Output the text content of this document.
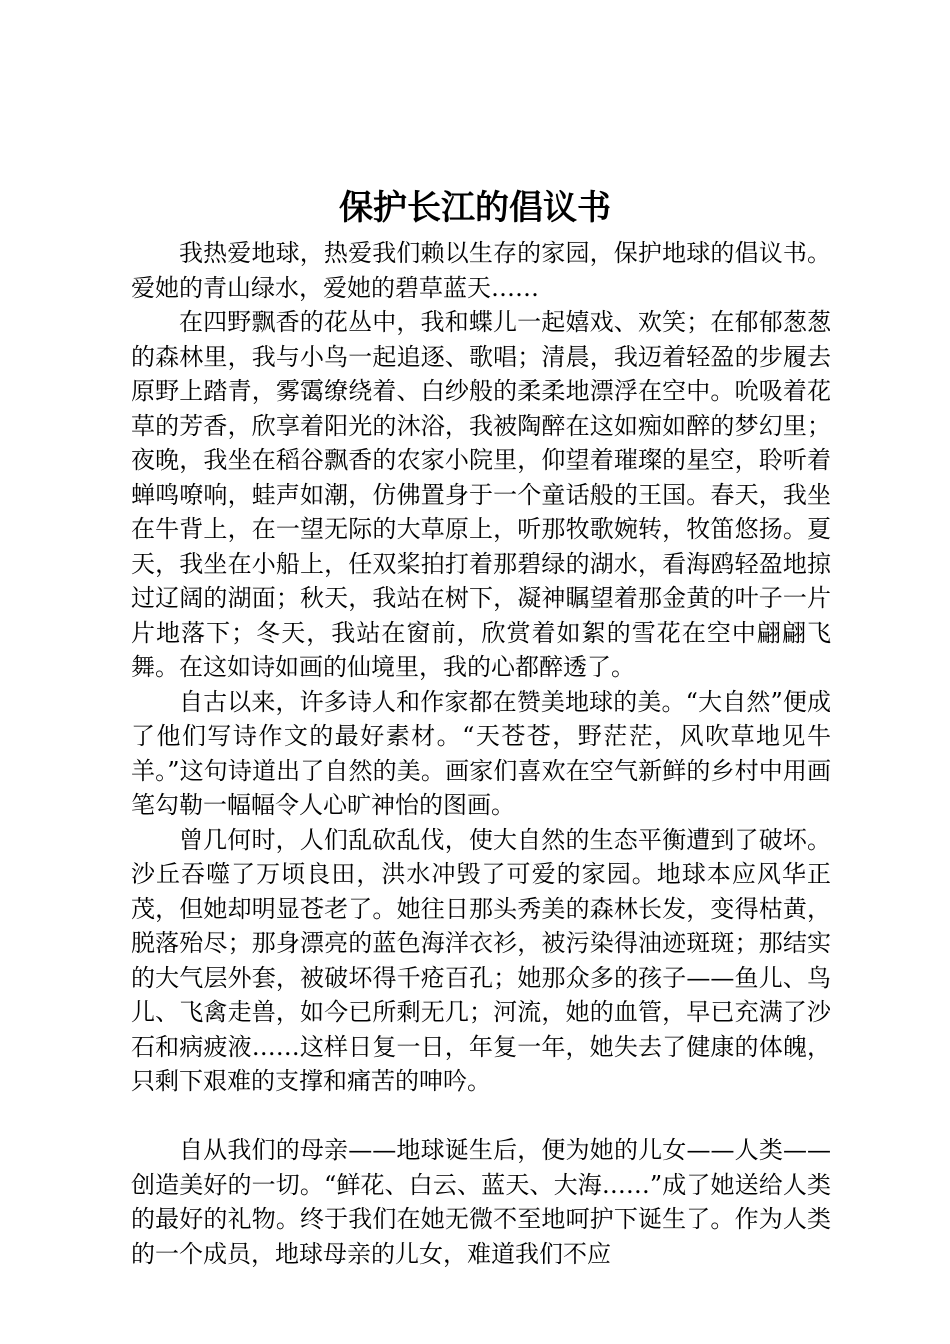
保护长江的倡议书

我热爱地球，热爱我们赖以生存的家园，保护地球的倡议书。爱她的青山绿水，爱她的碧草蓝天……

在四野飘香的花丛中，我和蝶儿一起嬉戏、欢笑；在郁郁葱葱的森林里，我与小鸟一起追逐、歌唱；清晨，我迈着轻盈的步履去原野上踏青，雾霭缭绕着、白纱般的柔柔地漂浮在空中。吮吸着花草的芳香，欣享着阳光的沐浴，我被陶醉在这如痴如醉的梦幻里；夜晚，我坐在稻谷飘香的农家小院里，仰望着璀璨的星空，聆听着蝉鸣嘹响，蛙声如潮，仿佛置身于一个童话般的王国。春天，我坐在牛背上，在一望无际的大草原上，听那牧歌婉转，牧笛悠扬。夏天，我坐在小船上，任双桨拍打着那碧绿的湖水，看海鸥轻盈地掠过辽阔的湖面；秋天，我站在树下，凝神瞩望着那金黄的叶子一片片地落下；冬天，我站在窗前，欣赏着如絮的雪花在空中翩翩飞舞。在这如诗如画的仙境里，我的心都醉透了。

自古以来，许多诗人和作家都在赞美地球的美。“大自然”便成了他们写诗作文的最好素材。“天苍苍，野茫茫，风吹草地见牛羊。”这句诗道出了自然的美。画家们喜欢在空气新鲜的乡村中用画笔勾勒一幅幅令人心旷神怡的图画。

曾几何时，人们乱砍乱伐，使大自然的生态平衡遭到了破坏。沙丘吞噬了万顷良田，洪水冲毁了可爱的家园。地球本应风华正茂，但她却明显苍老了。她往日那头秀美的森林长发，变得枯黄，脱落殆尽；那身漂亮的蓝色海洋衣衫，被污染得油迹斑斑；那结实的大气层外套，被破坏得千疮百孔；她那众多的孩子——鱼儿、鸟儿、飞禽走兽，如今已所剩无几；河流，她的血管，早已充满了沙石和病疲液……这样日复一日，年复一年，她失去了健康的体魄，只剩下艰难的支撑和痛苦的呻吟。

自从我们的母亲——地球诞生后，便为她的儿女——人类——创造美好的一切。“鲜花、白云、蓝天、大海……”成了她送给人类的最好的礼物。终于我们在她无微不至地呵护下诞生了。作为人类的一个成员，地球母亲的儿女，难道我们不应
